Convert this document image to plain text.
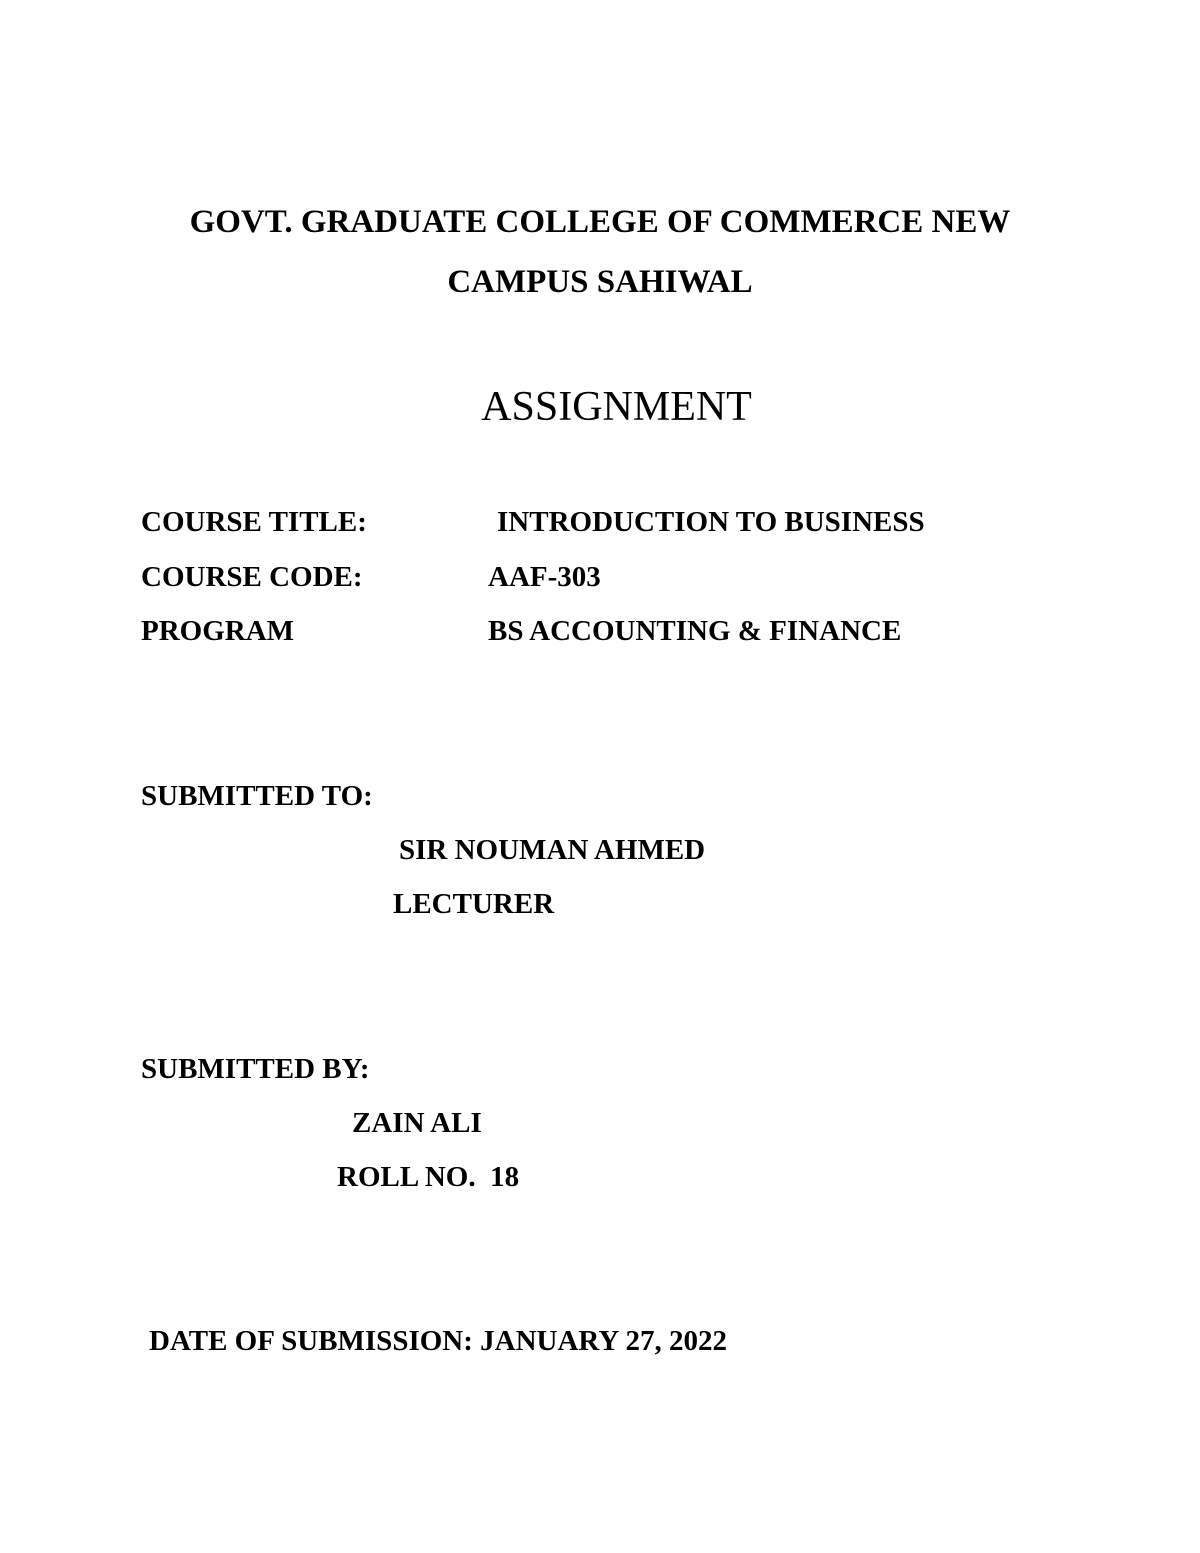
GOVT. GRADUATE COLLEGE OF COMMERCE NEW
CAMPUS SAHIWAL
ASSIGNMENT
COURSE TITLE:	INTRODUCTION TO BUSINESS
COURSE CODE:	AAF-303
PROGRAM	BS ACCOUNTING & FINANCE
SUBMITTED TO:
SIR NOUMAN AHMED
LECTURER
SUBMITTED BY:
ZAIN ALI
ROLL NO.  18
DATE OF SUBMISSION: JANUARY 27, 2022
